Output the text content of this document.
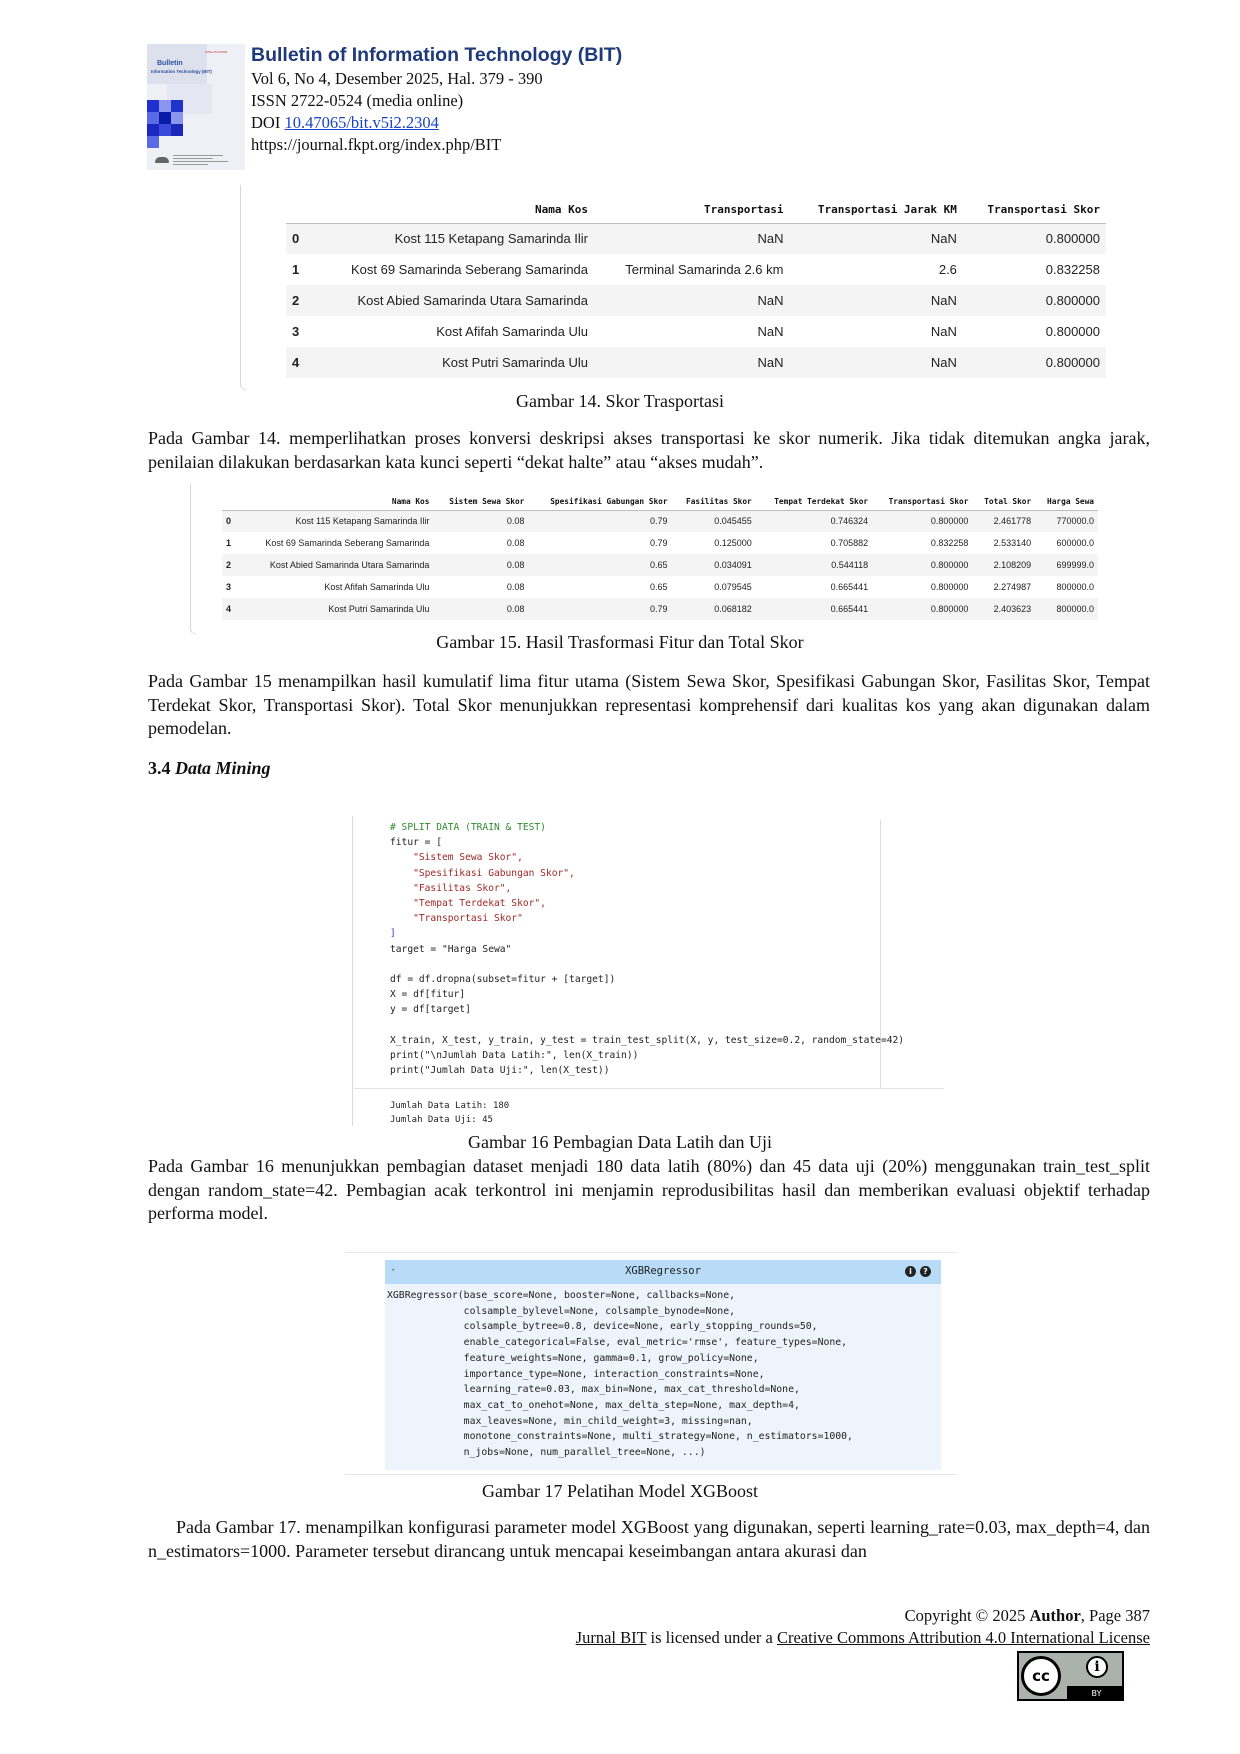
ISSN 2722-0524
Bulletin
Information Technology (BIT)
Bulletin of Information Technology (BIT)
Vol 6, No 4, Desember 2025, Hal. 379 - 390
ISSN 2722-0524 (media online)
DOI 10.47065/bit.v5i2.2304
https://journal.fkpt.org/index.php/BIT
	Nama Kos	Transportasi	Transportasi Jarak KM	Transportasi Skor
0	Kost 115 Ketapang Samarinda Ilir	NaN	NaN	0.800000
1	Kost 69 Samarinda Seberang Samarinda	Terminal Samarinda 2.6 km	2.6	0.832258
2	Kost Abied Samarinda Utara Samarinda	NaN	NaN	0.800000
3	Kost Afifah Samarinda Ulu	NaN	NaN	0.800000
4	Kost Putri Samarinda Ulu	NaN	NaN	0.800000
Gambar 14. Skor Trasportasi
Pada Gambar 14. memperlihatkan proses konversi deskripsi akses transportasi ke skor numerik. Jika tidak ditemukan angka jarak, penilaian dilakukan berdasarkan kata kunci seperti “dekat halte” atau “akses mudah”.
	Nama Kos	Sistem Sewa Skor	Spesifikasi Gabungan Skor	Fasilitas Skor	Tempat Terdekat Skor	Transportasi Skor	Total Skor	Harga Sewa
0	Kost 115 Ketapang Samarinda Ilir	0.08	0.79	0.045455	0.746324	0.800000	2.461778	770000.0
1	Kost 69 Samarinda Seberang Samarinda	0.08	0.79	0.125000	0.705882	0.832258	2.533140	600000.0
2	Kost Abied Samarinda Utara Samarinda	0.08	0.65	0.034091	0.544118	0.800000	2.108209	699999.0
3	Kost Afifah Samarinda Ulu	0.08	0.65	0.079545	0.665441	0.800000	2.274987	800000.0
4	Kost Putri Samarinda Ulu	0.08	0.79	0.068182	0.665441	0.800000	2.403623	800000.0
Gambar 15. Hasil Trasformasi Fitur dan Total Skor
Pada Gambar 15 menampilkan hasil kumulatif lima fitur utama (Sistem Sewa Skor, Spesifikasi Gabungan Skor, Fasilitas Skor, Tempat Terdekat Skor, Transportasi Skor). Total Skor menunjukkan representasi komprehensif dari kualitas kos yang akan digunakan dalam pemodelan.
3.4 Data Mining
# SPLIT DATA (TRAIN & TEST)
fitur = [
"Sistem Sewa Skor",
"Spesifikasi Gabungan Skor",
"Fasilitas Skor",
"Tempat Terdekat Skor",
"Transportasi Skor"
]
target = "Harga Sewa"
df = df.dropna(subset=fitur + [target])
X = df[fitur]
y = df[target]
X_train, X_test, y_train, y_test = train_test_split(X, y, test_size=0.2, random_state=42)
print("\nJumlah Data Latih:", len(X_train))
print("Jumlah Data Uji:", len(X_test))
Jumlah Data Latih: 180
Jumlah Data Uji: 45
Gambar 16 Pembagian Data Latih dan Uji
Pada Gambar 16 menunjukkan pembagian dataset menjadi 180 data latih (80%) dan 45 data uji (20%) menggunakan train_test_split dengan random_state=42. Pembagian acak terkontrol ini menjamin reprodusibilitas hasil dan memberikan evaluasi objektif terhadap performa model.
▾	XGBRegressor	i	?
XGBRegressor(base_score=None, booster=None, callbacks=None,
colsample_bylevel=None, colsample_bynode=None,
colsample_bytree=0.8, device=None, early_stopping_rounds=50,
enable_categorical=False, eval_metric='rmse', feature_types=None,
feature_weights=None, gamma=0.1, grow_policy=None,
importance_type=None, interaction_constraints=None,
learning_rate=0.03, max_bin=None, max_cat_threshold=None,
max_cat_to_onehot=None, max_delta_step=None, max_depth=4,
max_leaves=None, min_child_weight=3, missing=nan,
monotone_constraints=None, multi_strategy=None, n_estimators=1000,
n_jobs=None, num_parallel_tree=None, ...)
Gambar 17 Pelatihan Model XGBoost
Pada Gambar 17. menampilkan konfigurasi parameter model XGBoost yang digunakan, seperti learning_rate=0.03, max_depth=4, dan n_estimators=1000. Parameter tersebut dirancang untuk mencapai keseimbangan antara akurasi dan
Copyright © 2025 Author, Page 387
Jurnal BIT is licensed under a Creative Commons Attribution 4.0 International License
cc	i
BY
